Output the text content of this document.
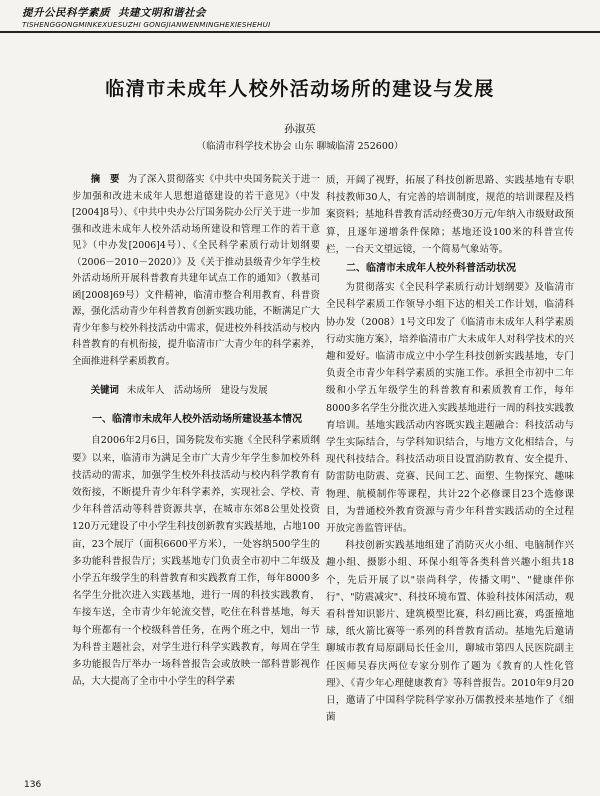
提升公民科学素质 共建文明和谐社会
TISHENGGONGMINKEXUESUZHI GONGJIANWENMINGHEXIESHEHUI
临清市未成年人校外活动场所的建设与发展
孙淑英
（临清市科学技术协会 山东 聊城临清 252600）

摘　要 为了深入贯彻落实《中共中央国务院关于进一步加强和改进未成年人思想道德建设的若干意见》（中发[2004]8号）、《中共中央办公厅国务院办公厅关于进一步加强和改进未成年人校外活动场所建设和管理工作的若干意见》（中办发[2006]4号）、《全民科学素质行动计划纲要（2006－2010－2020）》及《关于推动县级青少年学生校外活动场所开展科普教育共建年试点工作的通知》（教基司函[2008]69号）文件精神，临清市整合利用教育、科普资源，强化活动青少年科普教育创新实践功能，不断满足广大青少年参与校外科技活动中需求，促进校外科技活动与校内科普教育的有机衔接，提升临清市广大青少年的科学素养，全面推进科学素质教育。

关键词 未成年人　活动场所　建设与发展

一、临清市未成年人校外活动场所建设基本情况

自2006年2月6日，国务院发布实施《全民科学素质纲要》以来，临清市为满足全市广大青少年学生参加校外科技活动的需求，加强学生校外科技活动与校内科学教育有效衔接，不断提升青少年科学素养，实现社会、学校、青少年科普活动等科普资源共享，在城市东郊8公里处投资120万元建设了中小学生科技创新教育实践基地，占地100亩，23个展厅（面积6600平方米），一处容纳500学生的多功能科普报告厅；实践基地专门负责全市初中二年级及小学五年级学生的科普教育和实践教育工作，每年8000多名学生分批次进入实践基地，进行一周的科技实践教育，车接车送，全市青少年轮流交替，吃住在科普基地，每天每个班都有一个校级科普任务，在两个班之中，划出一节为科普主题社会，对学生进行科学实践教育，每周在学生多功能报告厅举办一场科普报告会或放映一部科普影视作品，大大提高了全市中小学生的科学素

质，开阔了视野，拓展了科技创新思路、实践基地有专职科技教师30人，有完善的培训制度，规范的培训课程及档案资料；基地科普教育活动经费30万元/年纳入市级财政预算，且逐年递增条件保障；基地还设100米的科普宣传栏，一台天文望远镜，一个简易气象站等。

二、临清市未成年人校外科普活动状况

为贯彻落实《全民科学素质行动计划纲要》及临清市全民科学素质工作领导小组下达的相关工作计划，临清科协办发（2008）1号文印发了《临清市未成年人科学素质行动实施方案》，培养临清市广大未成年人对科学技术的兴趣和爱好。临清市成立中小学生科技创新实践基地，专门负责全市青少年科学素质的实施工作。承担全市初中二年级和小学五年级学生的科普教育和素质教育工作，每年8000多名学生分批次进入实践基地进行一周的科技实践教育培训。基地实践活动内容既实践主题融合：科技活动与学生实际结合，与学科知识结合，与地方文化相结合，与现代科技结合。科技活动项目设置消防教育、安全提升、防雷防电防震、竞赛、民间工艺、面塑、生物探究、趣味物理、航模制作等课程，共计22个必修课目23个选修课目，为普通校外教育资源与青少年科普实践活动的全过程开放完善监管评估。

科技创新实践基地组建了消防灭火小组、电脑制作兴趣小组、摄影小组、环保小组等各类科普兴趣小组共18个，先后开展了以"崇尚科学，传播文明"、"健康伴你行"、"防震减灾"、科技环境布置、体验科技体闲活动，观看科普知识影片、建筑模型比赛，科幻画比赛，鸡蛋撞地球，纸火箭比赛等一系列的科普教育活动。基地先后邀请聊城市教育局原副局长任金川，聊城市第四人民医院副主任医师吴春庆两位专家分别作了题为《教育的人性化管理》、《青少年心理健康教育》等科普报告。2010年9月20日，邀请了中国科学院科学家孙万儒教授来基地作了《细菌

136
